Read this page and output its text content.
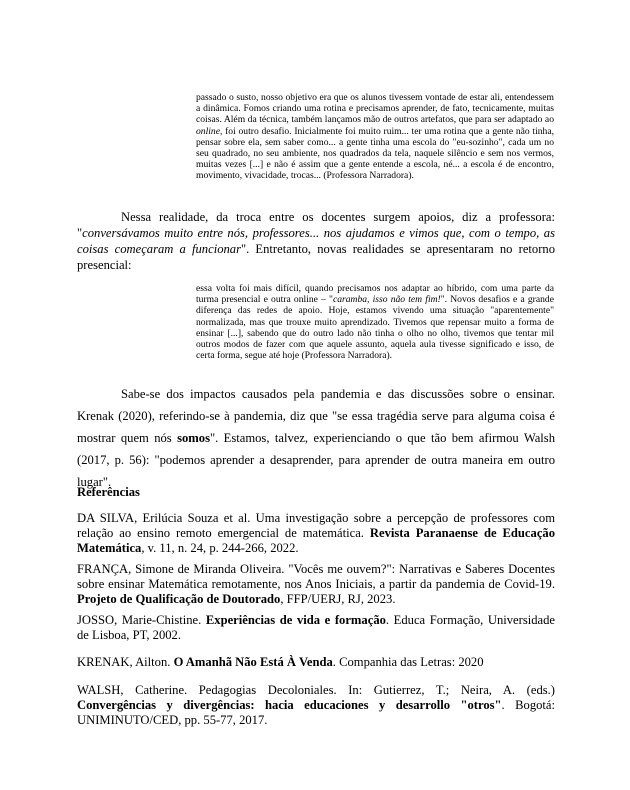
passado o susto, nosso objetivo era que os alunos tivessem vontade de estar ali, entendessem a dinâmica. Fomos criando uma rotina e precisamos aprender, de fato, tecnicamente, muitas coisas. Além da técnica, também lançamos mão de outros artefatos, que para ser adaptado ao online, foi outro desafio. Inicialmente foi muito ruim... ter uma rotina que a gente não tinha, pensar sobre ela, sem saber como... a gente tinha uma escola do "eu-sozinho", cada um no seu quadrado, no seu ambiente, nos quadrados da tela, naquele silêncio e sem nos vermos, muitas vezes [...] e não é assim que a gente entende a escola, né... a escola é de encontro, movimento, vivacidade, trocas... (Professora Narradora).
Nessa realidade, da troca entre os docentes surgem apoios, diz a professora: "conversávamos muito entre nós, professores... nos ajudamos e vimos que, com o tempo, as coisas começaram a funcionar". Entretanto, novas realidades se apresentaram no retorno presencial:
essa volta foi mais difícil, quando precisamos nos adaptar ao híbrido, com uma parte da turma presencial e outra online – "caramba, isso não tem fim!". Novos desafios e a grande diferença das redes de apoio. Hoje, estamos vivendo uma situação "aparentemente" normalizada, mas que trouxe muito aprendizado. Tivemos que repensar muito a forma de ensinar [...], sabendo que do outro lado não tinha o olho no olho, tivemos que tentar mil outros modos de fazer com que aquele assunto, aquela aula tivesse significado e isso, de certa forma, segue até hoje (Professora Narradora).
Sabe-se dos impactos causados pela pandemia e das discussões sobre o ensinar. Krenak (2020), referindo-se à pandemia, diz que "se essa tragédia serve para alguma coisa é mostrar quem nós somos". Estamos, talvez, experienciando o que tão bem afirmou Walsh (2017, p. 56): "podemos aprender a desaprender, para aprender de outra maneira em outro lugar".
Referências
DA SILVA, Erilúcia Souza et al. Uma investigação sobre a percepção de professores com relação ao ensino remoto emergencial de matemática. Revista Paranaense de Educação Matemática, v. 11, n. 24, p. 244-266, 2022.
FRANÇA, Simone de Miranda Oliveira. "Vocês me ouvem?": Narrativas e Saberes Docentes sobre ensinar Matemática remotamente, nos Anos Iniciais, a partir da pandemia de Covid-19. Projeto de Qualificação de Doutorado, FFP/UERJ, RJ, 2023.
JOSSO, Marie-Chistine. Experiências de vida e formação. Educa Formação, Universidade de Lisboa, PT, 2002.
KRENAK, Ailton. O Amanhã Não Está À Venda. Companhia das Letras: 2020
WALSH, Catherine. Pedagogias Decoloniales. In: Gutierrez, T.; Neira, A. (eds.) Convergências y divergências: hacia educaciones y desarrollo "otros". Bogotá: UNIMINUTO/CED, pp. 55-77, 2017.
